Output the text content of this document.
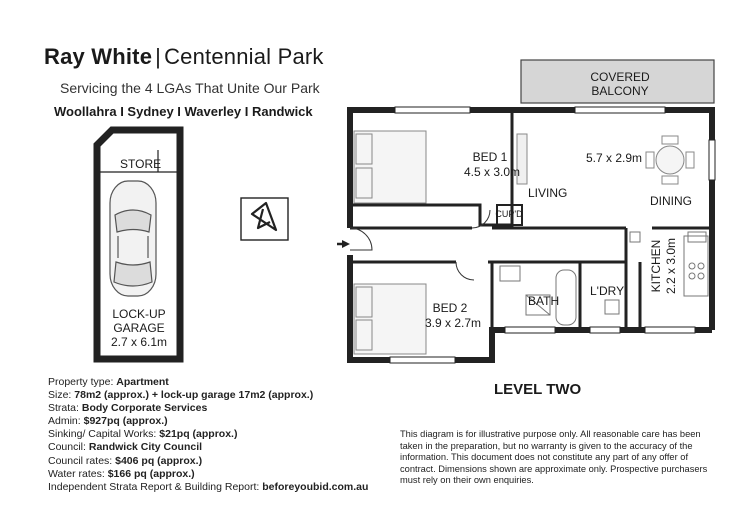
Ray White | Centennial Park
Servicing the 4 LGAs That Unite Our Park
Woollahra I Sydney I Waverley I Randwick
STORE
LOCK-UP
GARAGE
2.7 x 6.1m
COVERED
BALCONY
BED 1
4.5 x 3.0m
5.7 x 2.9m
LIVING
DINING
CUP'D
KITCHEN 2.2 x 3.0m
BED 2
3.9 x 2.7m
BATH
L'DRY
LEVEL TWO
This diagram is for illustrative purpose only. All reasonable care has been taken in the preparation, but no warranty is given to the accuracy of the information. This document does not constitute any part of any offer of contract. Dimensions shown are approximate only. Prospective purchasers must rely on their own enquiries.
Property type: Apartment
Size: 78m2 (approx.) + lock-up garage 17m2 (approx.)
Strata: Body Corporate Services
Admin: $927pq (approx.)
Sinking/ Capital Works: $21pq (approx.)
Council: Randwick City Council
Council rates: $406 pq (approx.)
Water rates: $166 pq (approx.)
Independent Strata Report & Building Report: beforeyoubid.com.au
